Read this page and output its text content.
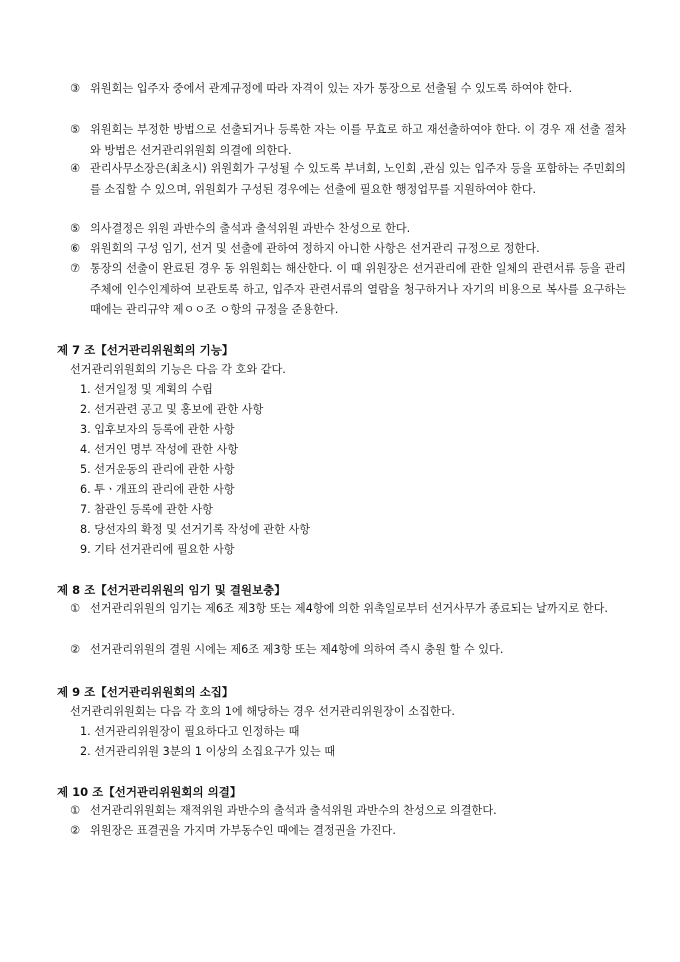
③ 위원회는 입주자 중에서 관계규정에 따라 자격이 있는 자가 통장으로 선출될 수 있도록 하여야 한다.
⑤ 위원회는 부정한 방법으로 선출되거나 등록한 자는 이를 무효로 하고 재선출하여야 한다. 이 경우 재 선출 절차와 방법은 선거관리위원회 의결에 의한다.
④ 관리사무소장은(최초시) 위원회가 구성될 수 있도록 부녀회, 노인회 ,관심 있는 입주자 등을 포함하는 주민회의를 소집할 수 있으며, 위원회가 구성된 경우에는 선출에 필요한 행정업무를 지원하여야 한다.
⑤ 의사결정은 위원 과반수의 출석과 출석위원 과반수 찬성으로 한다.
⑥ 위원회의 구성 임기, 선거 및 선출에 관하여 정하지 아니한 사항은 선거관리 규정으로 정한다.
⑦ 통장의 선출이 완료된 경우 동 위원회는 해산한다. 이 때 위원장은 선거관리에 관한 일체의 관련서류 등을 관리주체에 인수인계하여 보관토록 하고, 입주자 관련서류의 열람을 청구하거나 자기의 비용으로 복사를 요구하는 때에는 관리규약 제ㅇㅇ조 ㅇ항의 규정을 준용한다.
제 7 조【선거관리위원회의 기능】
선거관리위원회의 기능은 다음 각 호와 같다.
1. 선거일정 및 계획의 수립
2. 선거관련 공고 및 홍보에 관한 사항
3. 입후보자의 등록에 관한 사항
4. 선거인 명부 작성에 관한 사항
5. 선거운동의 관리에 관한 사항
6. 투ㆍ개표의 관리에 관한 사항
7. 참관인 등록에 관한 사항
8. 당선자의 확정 및 선거기록 작성에 관한 사항
9. 기타 선거관리에 필요한 사항
제 8 조【선거관리위원의 임기 및 결원보충】
① 선거관리위원의 임기는 제6조 제3항 또는 제4항에 의한 위촉일로부터 선거사무가 종료되는 날까지로 한다.
② 선거관리위원의 결원 시에는 제6조 제3항 또는 제4항에 의하여 즉시 충원 할 수 있다.
제 9 조【선거관리위원회의 소집】
선거관리위원회는 다음 각 호의 1에 해당하는 경우 선거관리위원장이 소집한다.
1. 선거관리위원장이 필요하다고 인정하는 때
2. 선거관리위원 3분의 1 이상의 소집요구가 있는 때
제 10 조【선거관리위원회의 의결】
① 선거관리위원회는 재적위원 과반수의 출석과 출석위원 과반수의 찬성으로 의결한다.
② 위원장은 표결권을 가지며 가부동수인 때에는 결정권을 가진다.
